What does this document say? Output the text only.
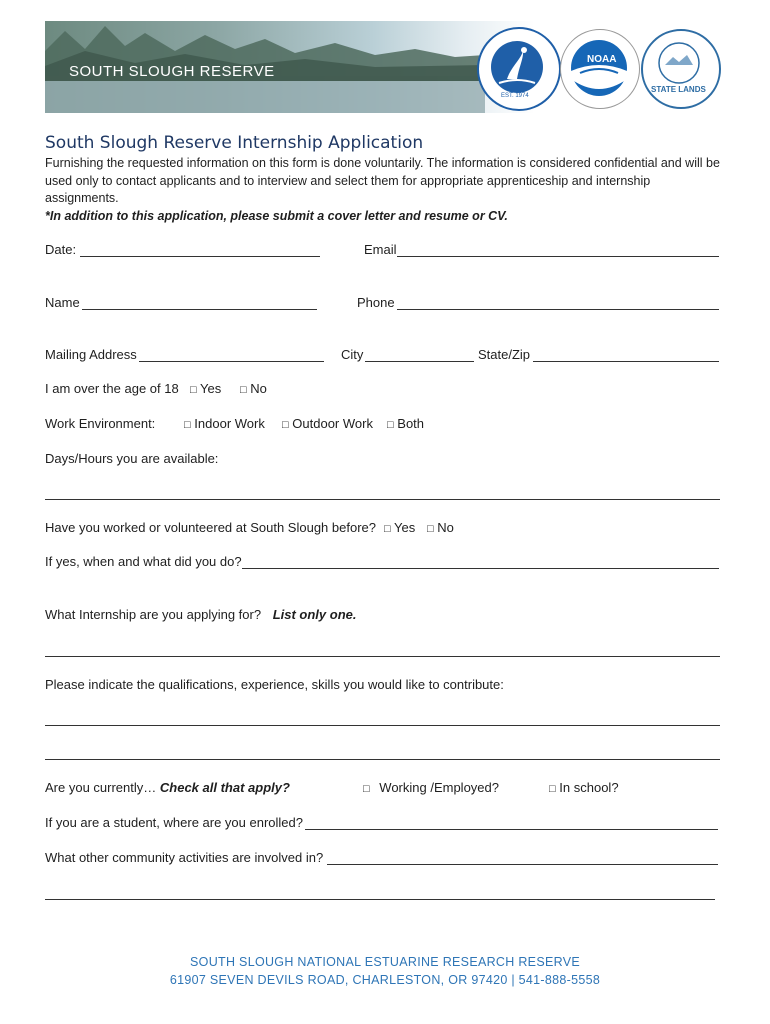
SOUTH SLOUGH RESERVE
EST. 1974
NOAA
STATE LANDS
South Slough Reserve Internship Application
Furnishing the requested information on this form is done voluntarily. The information is considered confidential and will be used only to contact applicants and to interview and select them for appropriate apprenticeship and internship assignments.
*In addition to this application, please submit a cover letter and resume or CV.
Date:	Email
Name	Phone
Mailing Address	City	State/Zip
I am over the age of 18 □ Yes □ No
Work Environment:	□ Indoor Work □ Outdoor Work □ Both
Days/Hours you are available:
Have you worked or volunteered at South Slough before? □ Yes □ No
If yes, when and what did you do?
What Internship are you applying for? List only one.
Please indicate the qualifications, experience, skills you would like to contribute:
Are you currently… Check all that apply?	□ Working /Employed?	□ In school?
If you are a student, where are you enrolled?
What other community activities are involved in?
SOUTH SLOUGH NATIONAL ESTUARINE RESEARCH RESERVE
61907 SEVEN DEVILS ROAD, CHARLESTON, OR 97420 | 541-888-5558
